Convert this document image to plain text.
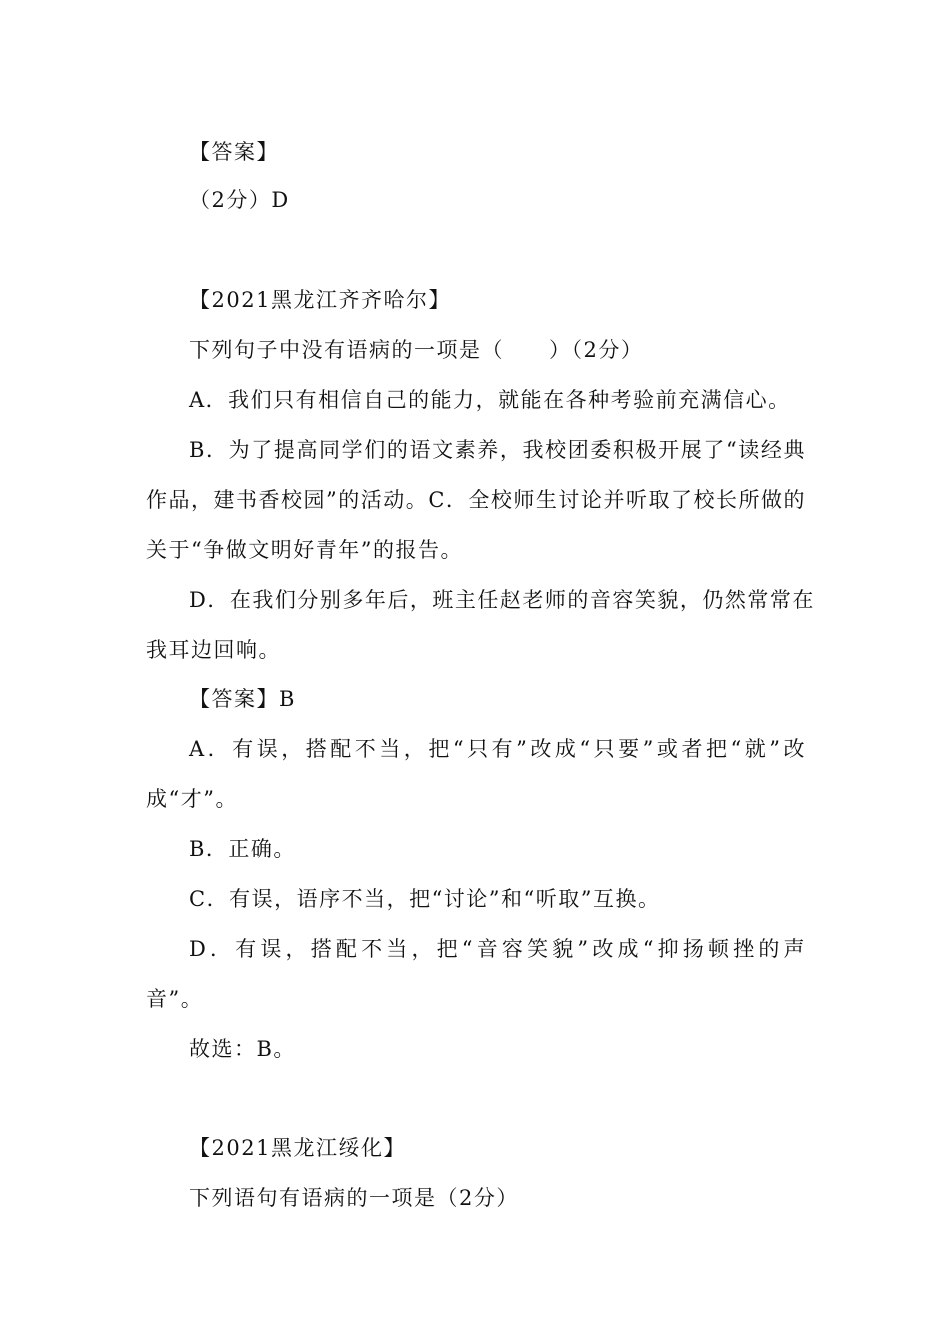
【答案】
（2分）D
【2021黑龙江齐齐哈尔】
下列句子中没有语病的一项是（　　）（2分）
A．我们只有相信自己的能力，就能在各种考验前充满信心。
B．为了提高同学们的语文素养，我校团委积极开展了“读经典
作品，建书香校园”的活动。C．全校师生讨论并听取了校长所做的
关于“争做文明好青年”的报告。
D．在我们分别多年后，班主任赵老师的音容笑貌，仍然常常在
我耳边回响。
【答案】B
A．有误，搭配不当，把“只有”改成“只要”或者把“就”改
成“才”。
B．正确。
C．有误，语序不当，把“讨论”和“听取”互换。
D．有误，搭配不当，把“音容笑貌”改成“抑扬顿挫的声
音”。
故选：B。
【2021黑龙江绥化】
下列语句有语病的一项是（2分）
